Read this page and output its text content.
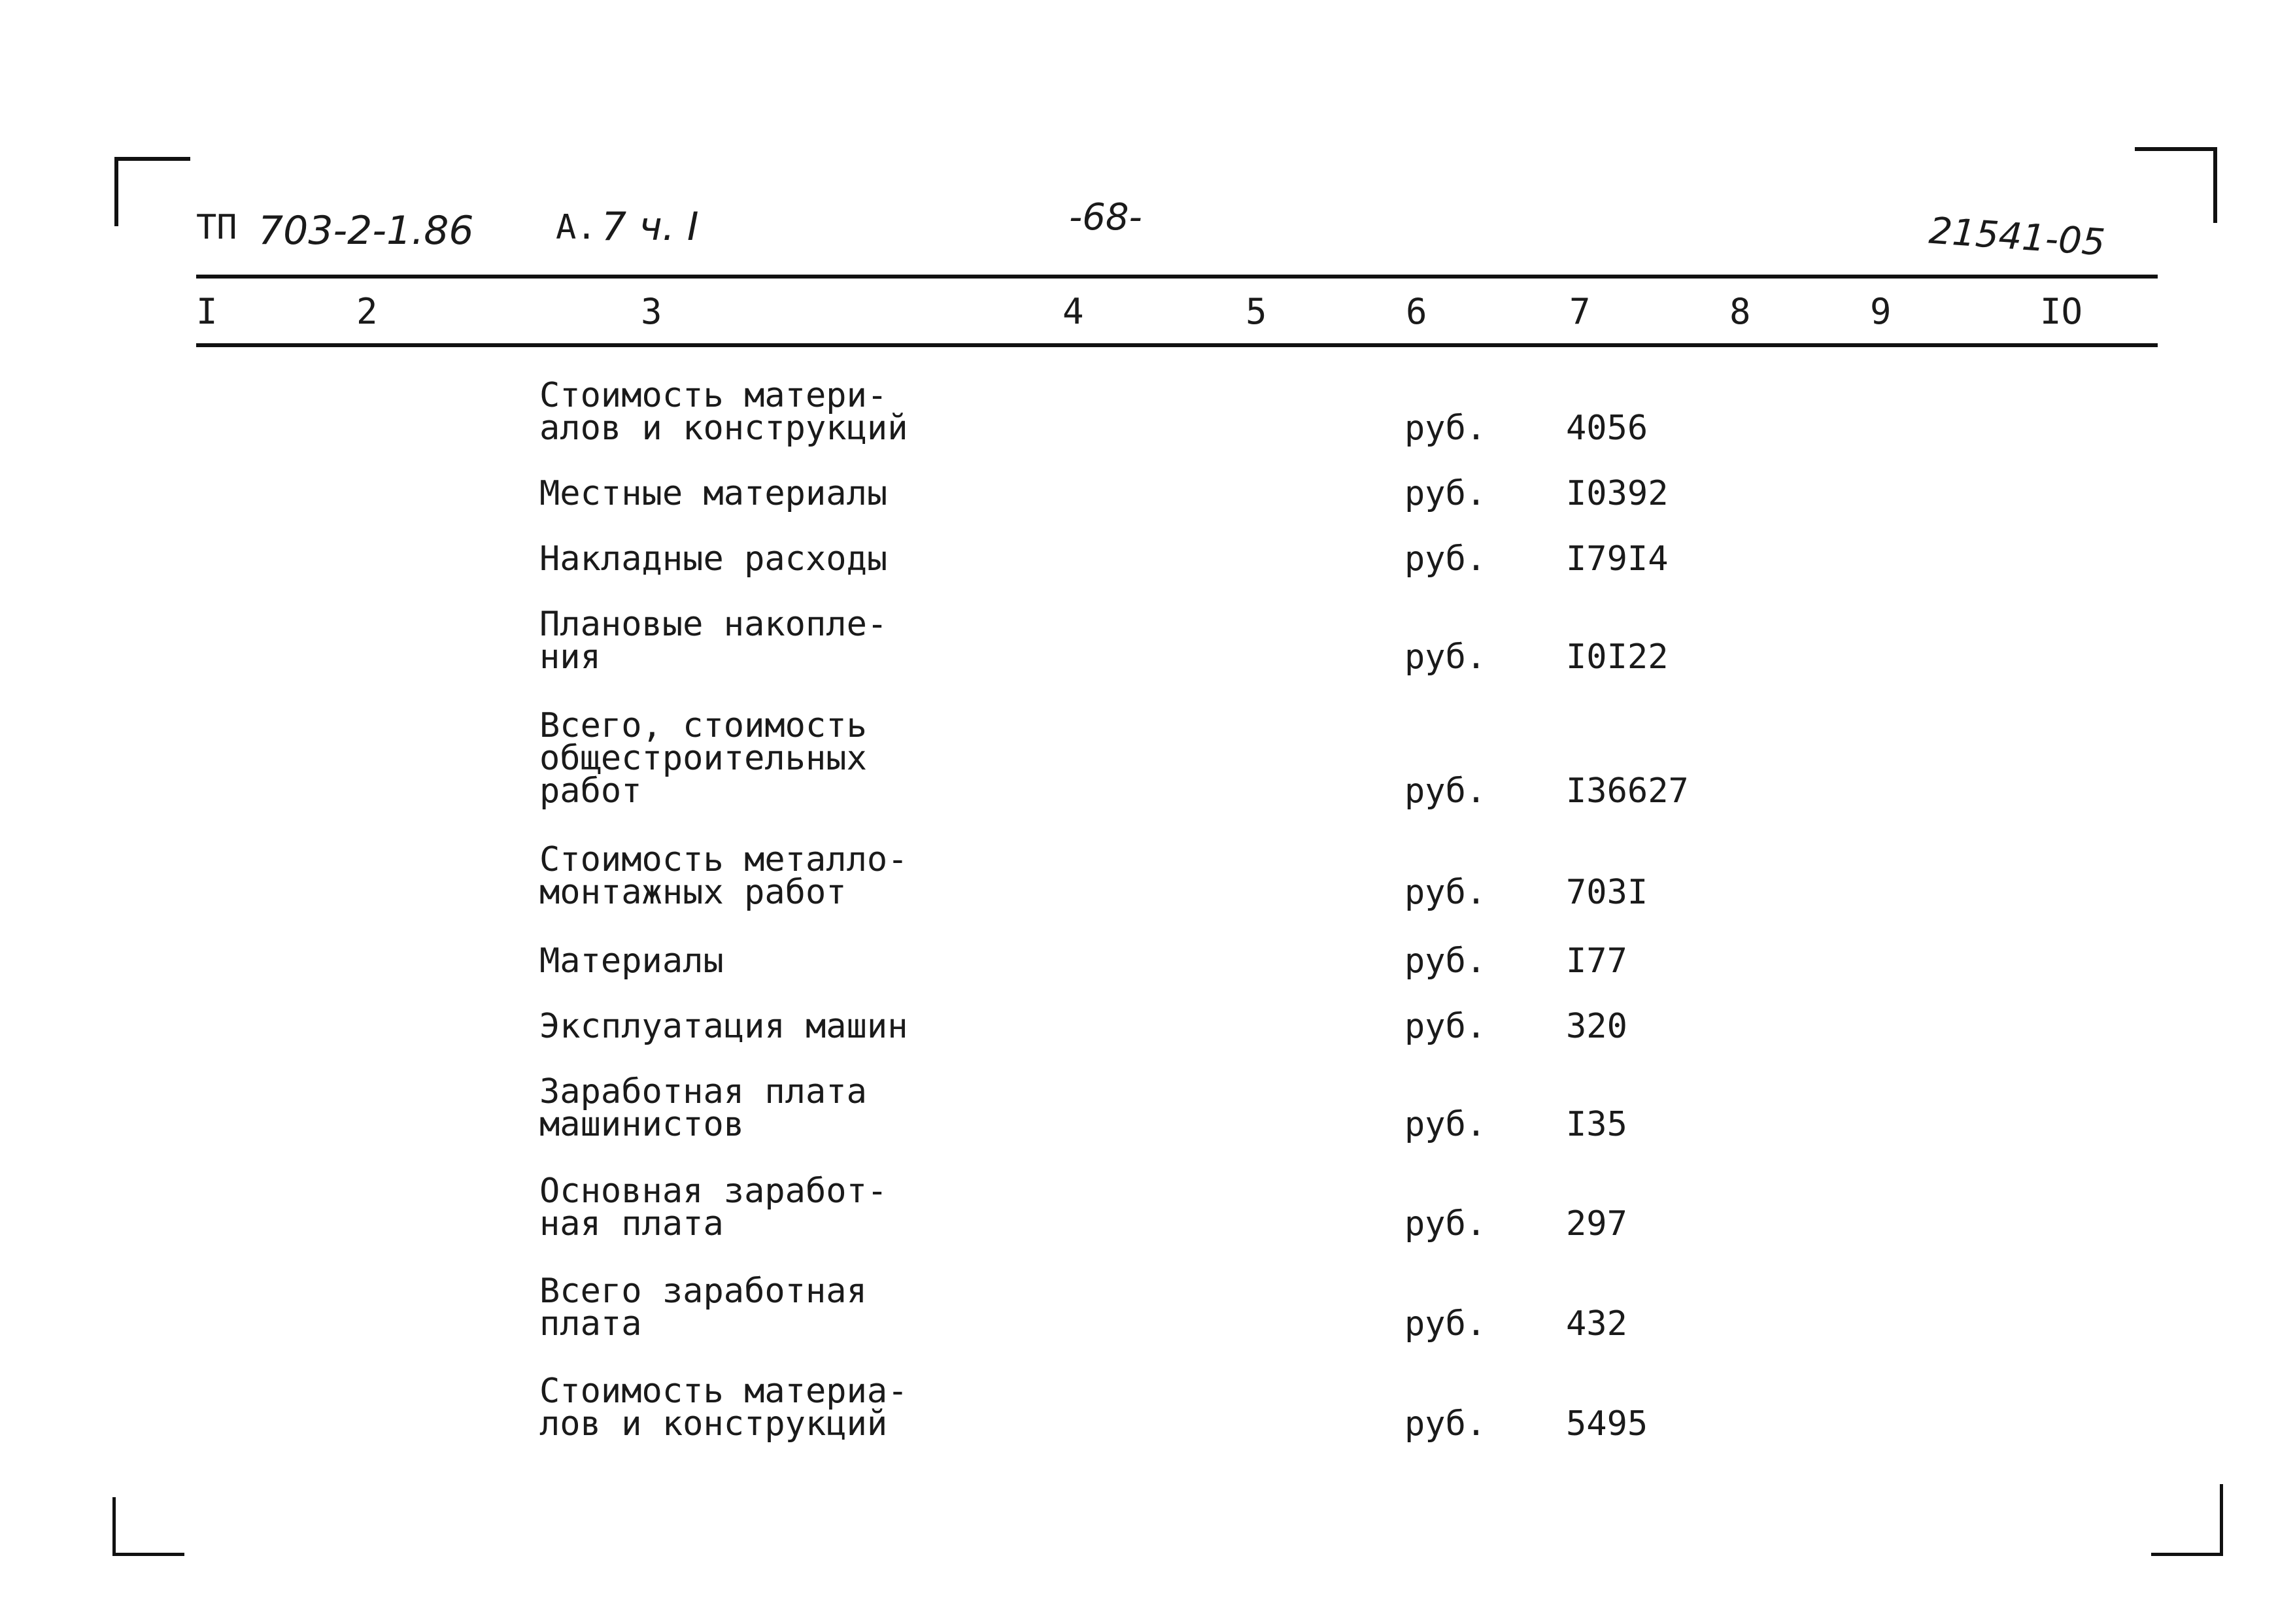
ТП 703-2-1.86 А. 7 ч. I	-68-	21541-05
I	2	3	4	5	6	7	8	9	IO
Стоимость матери-
алов и конструкций	руб. 4056
Местные материалы	руб. I0392
Накладные расходы	руб. I79I4
Плановые накопле-
ния	руб. I0I22
Всего, стоимость
общестроительных
работ	руб. I36627
Стоимость металло-
монтажных работ	руб. 703I
Материалы	руб. I77
Эксплуатация машин	руб. 320
Заработная плата
машинистов	руб. I35
Основная заработ-
ная плата	руб. 297
Всего заработная
плата	руб. 432
Стоимость материа-
лов и конструкций	руб. 5495
